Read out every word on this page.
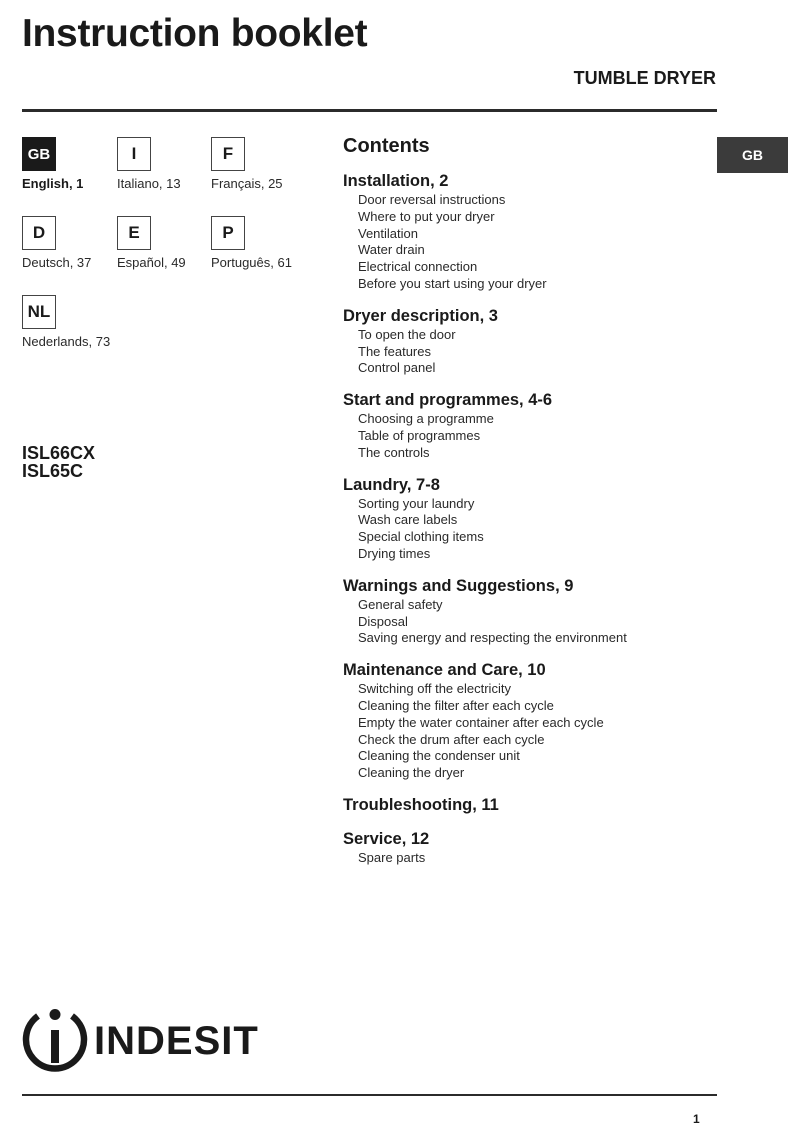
Instruction booklet
TUMBLE DRYER
GB
GB
English, 1
I
Italiano, 13
F
Français, 25
D
Deutsch, 37
E
Español, 49
P
Português, 61
NL
Nederlands, 73
ISL66CX
ISL65C
Contents
Installation, 2
Door reversal instructions
Where to put your dryer
Ventilation
Water drain
Electrical connection
Before you start using your dryer
Dryer description, 3
To open the door
The features
Control panel
Start and programmes, 4-6
Choosing a programme
Table of programmes
The controls
Laundry, 7-8
Sorting your laundry
Wash care labels
Special clothing items
Drying times
Warnings and Suggestions, 9
General safety
Disposal
Saving energy and respecting the environment
Maintenance and Care, 10
Switching off the electricity
Cleaning the filter after each cycle
Empty the water container after each cycle
Check the drum after each cycle
Cleaning the condenser unit
Cleaning the dryer
Troubleshooting, 11
Service, 12
Spare parts
INDESIT
1
